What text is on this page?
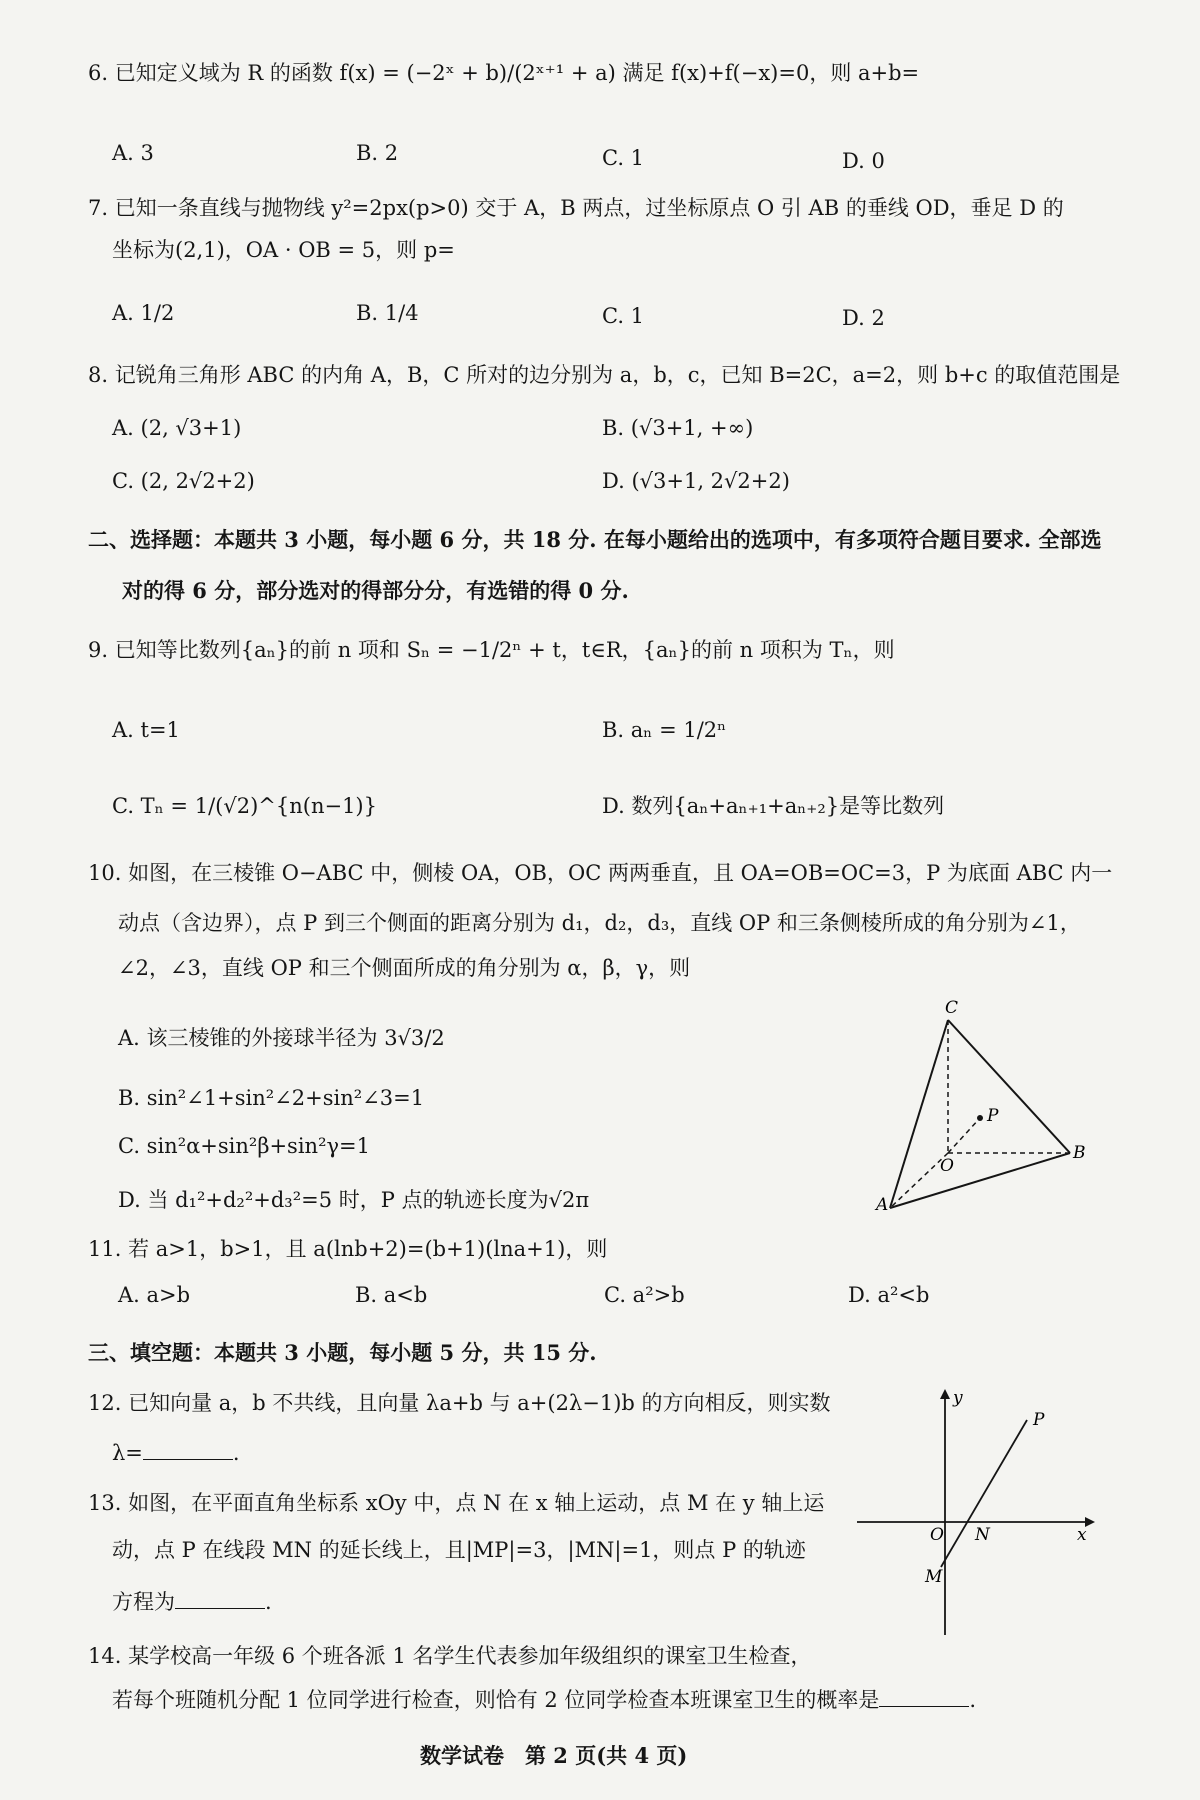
6. 已知定义域为 R 的函数 f(x) = (−2ˣ + b)/(2ˣ⁺¹ + a) 满足 f(x)+f(−x)=0，则 a+b=
A. 3	B. 2	C. 1	D. 0
7. 已知一条直线与抛物线 y²=2px(p>0) 交于 A，B 两点，过坐标原点 O 引 AB 的垂线 OD，垂足 D 的
坐标为(2,1)，OA · OB = 5，则 p=
A. 1/2	B. 1/4	C. 1	D. 2
8. 记锐角三角形 ABC 的内角 A，B，C 所对的边分别为 a，b，c，已知 B=2C，a=2，则 b+c 的取值范围是
A. (2, √3+1)	B. (√3+1, +∞)
C. (2, 2√2+2)	D. (√3+1, 2√2+2)
二、选择题：本题共 3 小题，每小题 6 分，共 18 分. 在每小题给出的选项中，有多项符合题目要求. 全部选
对的得 6 分，部分选对的得部分分，有选错的得 0 分.
9. 已知等比数列{aₙ}的前 n 项和 Sₙ = −1/2ⁿ + t，t∈R，{aₙ}的前 n 项积为 Tₙ，则
A. t=1	B. aₙ = 1/2ⁿ
C. Tₙ = 1/(√2)^{n(n−1)}	D. 数列{aₙ+aₙ₊₁+aₙ₊₂}是等比数列
10. 如图，在三棱锥 O−ABC 中，侧棱 OA，OB，OC 两两垂直，且 OA=OB=OC=3，P 为底面 ABC 内一
动点（含边界），点 P 到三个侧面的距离分别为 d₁，d₂，d₃，直线 OP 和三条侧棱所成的角分别为∠1，
∠2，∠3，直线 OP 和三个侧面所成的角分别为 α，β，γ，则
A. 该三棱锥的外接球半径为 3√3/2
B. sin²∠1+sin²∠2+sin²∠3=1
C. sin²α+sin²β+sin²γ=1
D. 当 d₁²+d₂²+d₃²=5 时，P 点的轨迹长度为√2π
C
P
O
B
A
11. 若 a>1，b>1，且 a(lnb+2)=(b+1)(lna+1)，则
A. a>b	B. a<b	C. a²>b	D. a²<b
三、填空题：本题共 3 小题，每小题 5 分，共 15 分.
12. 已知向量 a，b 不共线，且向量 λa+b 与 a+(2λ−1)b 的方向相反，则实数
λ=	.
13. 如图，在平面直角坐标系 xOy 中，点 N 在 x 轴上运动，点 M 在 y 轴上运
动，点 P 在线段 MN 的延长线上，且|MP|=3，|MN|=1，则点 P 的轨迹
方程为	.
y
P
O N	x
M
14. 某学校高一年级 6 个班各派 1 名学生代表参加年级组织的课室卫生检查，
若每个班随机分配 1 位同学进行检查，则恰有 2 位同学检查本班课室卫生的概率是	.
数学试卷　第 2 页(共 4 页)
